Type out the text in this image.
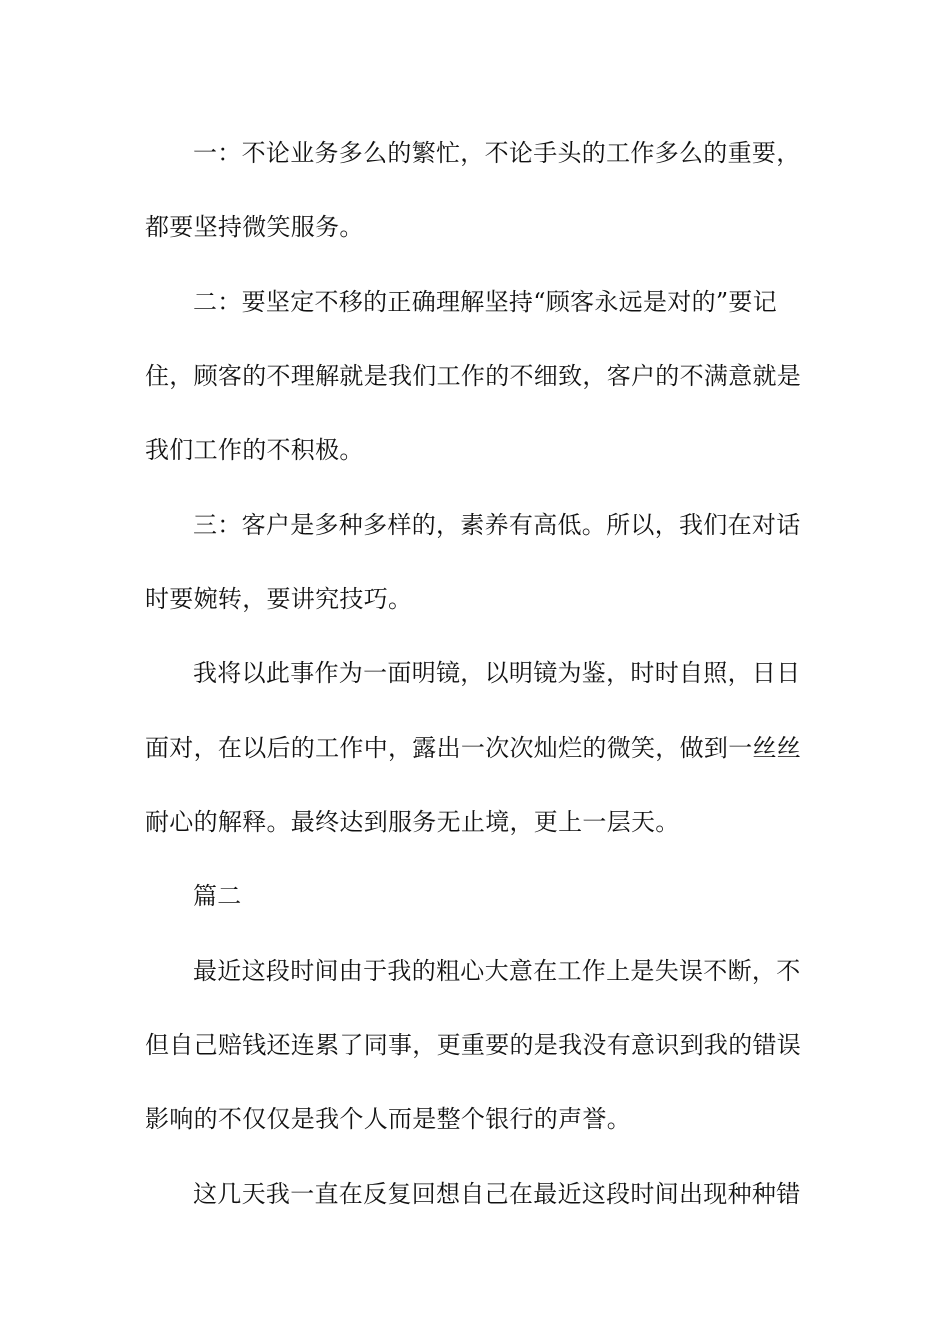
一：不论业务多么的繁忙，不论手头的工作多么的重要，
都要坚持微笑服务。
二：要坚定不移的正确理解坚持“顾客永远是对的”要记
住，顾客的不理解就是我们工作的不细致，客户的不满意就是
我们工作的不积极。
三：客户是多种多样的，素养有高低。所以，我们在对话
时要婉转，要讲究技巧。
我将以此事作为一面明镜，以明镜为鉴，时时自照，日日
面对，在以后的工作中，露出一次次灿烂的微笑，做到一丝丝
耐心的解释。最终达到服务无止境，更上一层天。
篇二
最近这段时间由于我的粗心大意在工作上是失误不断，不
但自己赔钱还连累了同事，更重要的是我没有意识到我的错误
影响的不仅仅是我个人而是整个银行的声誉。
这几天我一直在反复回想自己在最近这段时间出现种种错
